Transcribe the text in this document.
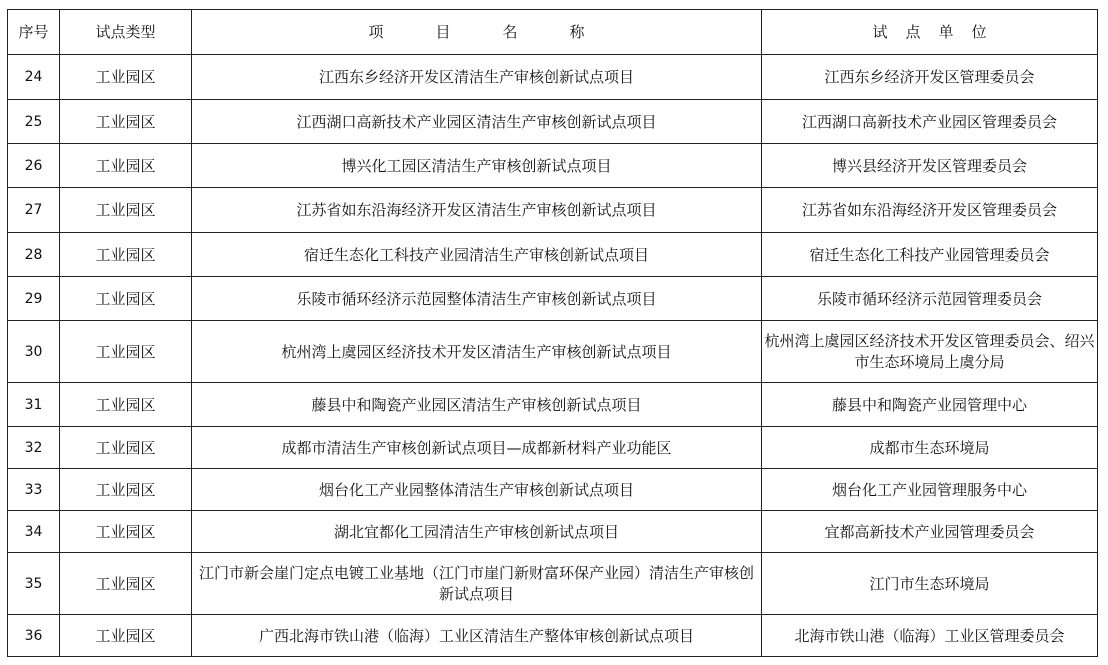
序号	试点类型	项 目 名 称	试 点 单 位
24	工业园区	江西东乡经济开发区清洁生产审核创新试点项目	江西东乡经济开发区管理委员会
25	工业园区	江西湖口高新技术产业园区清洁生产审核创新试点项目	江西湖口高新技术产业园区管理委员会
26	工业园区	博兴化工园区清洁生产审核创新试点项目	博兴县经济开发区管理委员会
27	工业园区	江苏省如东沿海经济开发区清洁生产审核创新试点项目	江苏省如东沿海经济开发区管理委员会
28	工业园区	宿迁生态化工科技产业园清洁生产审核创新试点项目	宿迁生态化工科技产业园管理委员会
29	工业园区	乐陵市循环经济示范园整体清洁生产审核创新试点项目	乐陵市循环经济示范园管理委员会
30	工业园区	杭州湾上虞园区经济技术开发区清洁生产审核创新试点项目	杭州湾上虞园区经济技术开发区管理委员会、绍兴市生态环境局上虞分局
31	工业园区	藤县中和陶瓷产业园区清洁生产审核创新试点项目	藤县中和陶瓷产业园管理中心
32	工业园区	成都市清洁生产审核创新试点项目—成都新材料产业功能区	成都市生态环境局
33	工业园区	烟台化工产业园整体清洁生产审核创新试点项目	烟台化工产业园管理服务中心
34	工业园区	湖北宜都化工园清洁生产审核创新试点项目	宜都高新技术产业园管理委员会
35	工业园区	江门市新会崖门定点电镀工业基地（江门市崖门新财富环保产业园）清洁生产审核创新试点项目	江门市生态环境局
36	工业园区	广西北海市铁山港（临海）工业区清洁生产整体审核创新试点项目	北海市铁山港（临海）工业区管理委员会
